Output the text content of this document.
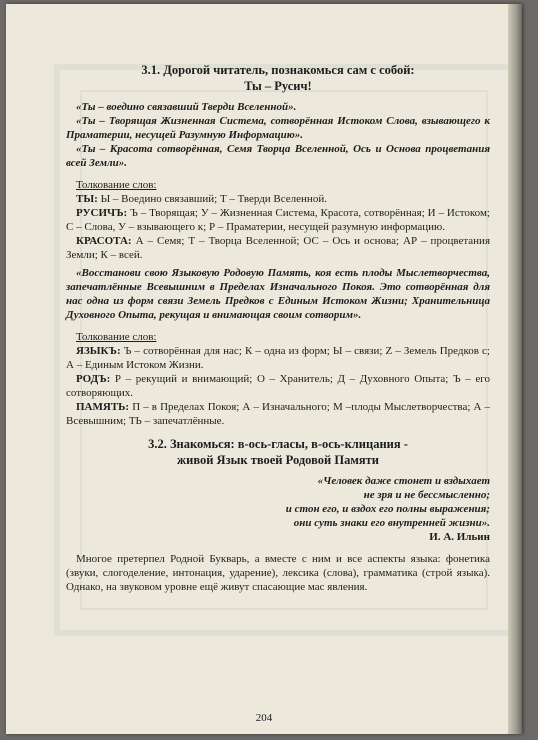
3.1. Дорогой читатель, познакомься сам с собой:
Ты – Русич!

«Ты – воедино связавший Тверди Вселенной».

«Ты – Творящая Жизненная Система, сотворённая Истоком Слова, взывающего к Праматерии, несущей Разумную Информацию».

«Ты – Красота сотворённая, Семя Творца Вселенной, Ось и Основа процветания всей Земли».

Толкование слов:

ТЫ: Ы – Воедино связавший; Т – Тверди Вселенной.

РУСИЧЪ: Ъ – Творящая; У – Жизненная Система, Красота, сотворённая; И – Истоком; С – Слова, У – взывающего к; Р – Праматерии, несущей разумную информацию.

КРАСОТА: А – Семя; Т – Творца Вселенной; ОС – Ось и основа; АР – процветания Земли; К – всей.

«Восстанови свою Языковую Родовую Память, коя есть плоды Мыслетворчества, запечатлённые Всевышним в Пределах Изначального Покоя. Это сотворённая для нас одна из форм связи Земель Предков с Единым Истоком Жизни; Хранительница Духовного Опыта, рекущая и внимающая своим сотворим».

Толкование слов:

ЯЗЫКЪ: Ъ – сотворённая для нас; К – одна из форм; Ы – связи; Z – Земель Предков с; А – Единым Истоком Жизни.

РОДЪ: Р – рекущий и внимающий; О – Хранитель; Д – Духовного Опыта; Ъ – его сотворяющих.

ПАМЯТЬ: П – в Пределах Покоя; А – Изначального; М –плоды Мыслетворчества; А – Всевышним; ТЬ – запечатлённые.

3.2. Знакомься: в-ось-гласы, в-ось-клицания -
живой Язык твоей Родовой Памяти
«Человек даже стонет и вздыхает
не зря и не бессмысленно;
и стон его, и вздох его полны выражения;
они суть знаки его внутренней жизни».
И. А. Ильин

Многое претерпел Родной Букварь, а вместе с ним и все аспекты языка: фонетика (звуки, слогоделение, интонация, ударение), лексика (слова), грамматика (строй языка). Однако, на звуковом уровне ещё живут спасающие мас явления.

204
